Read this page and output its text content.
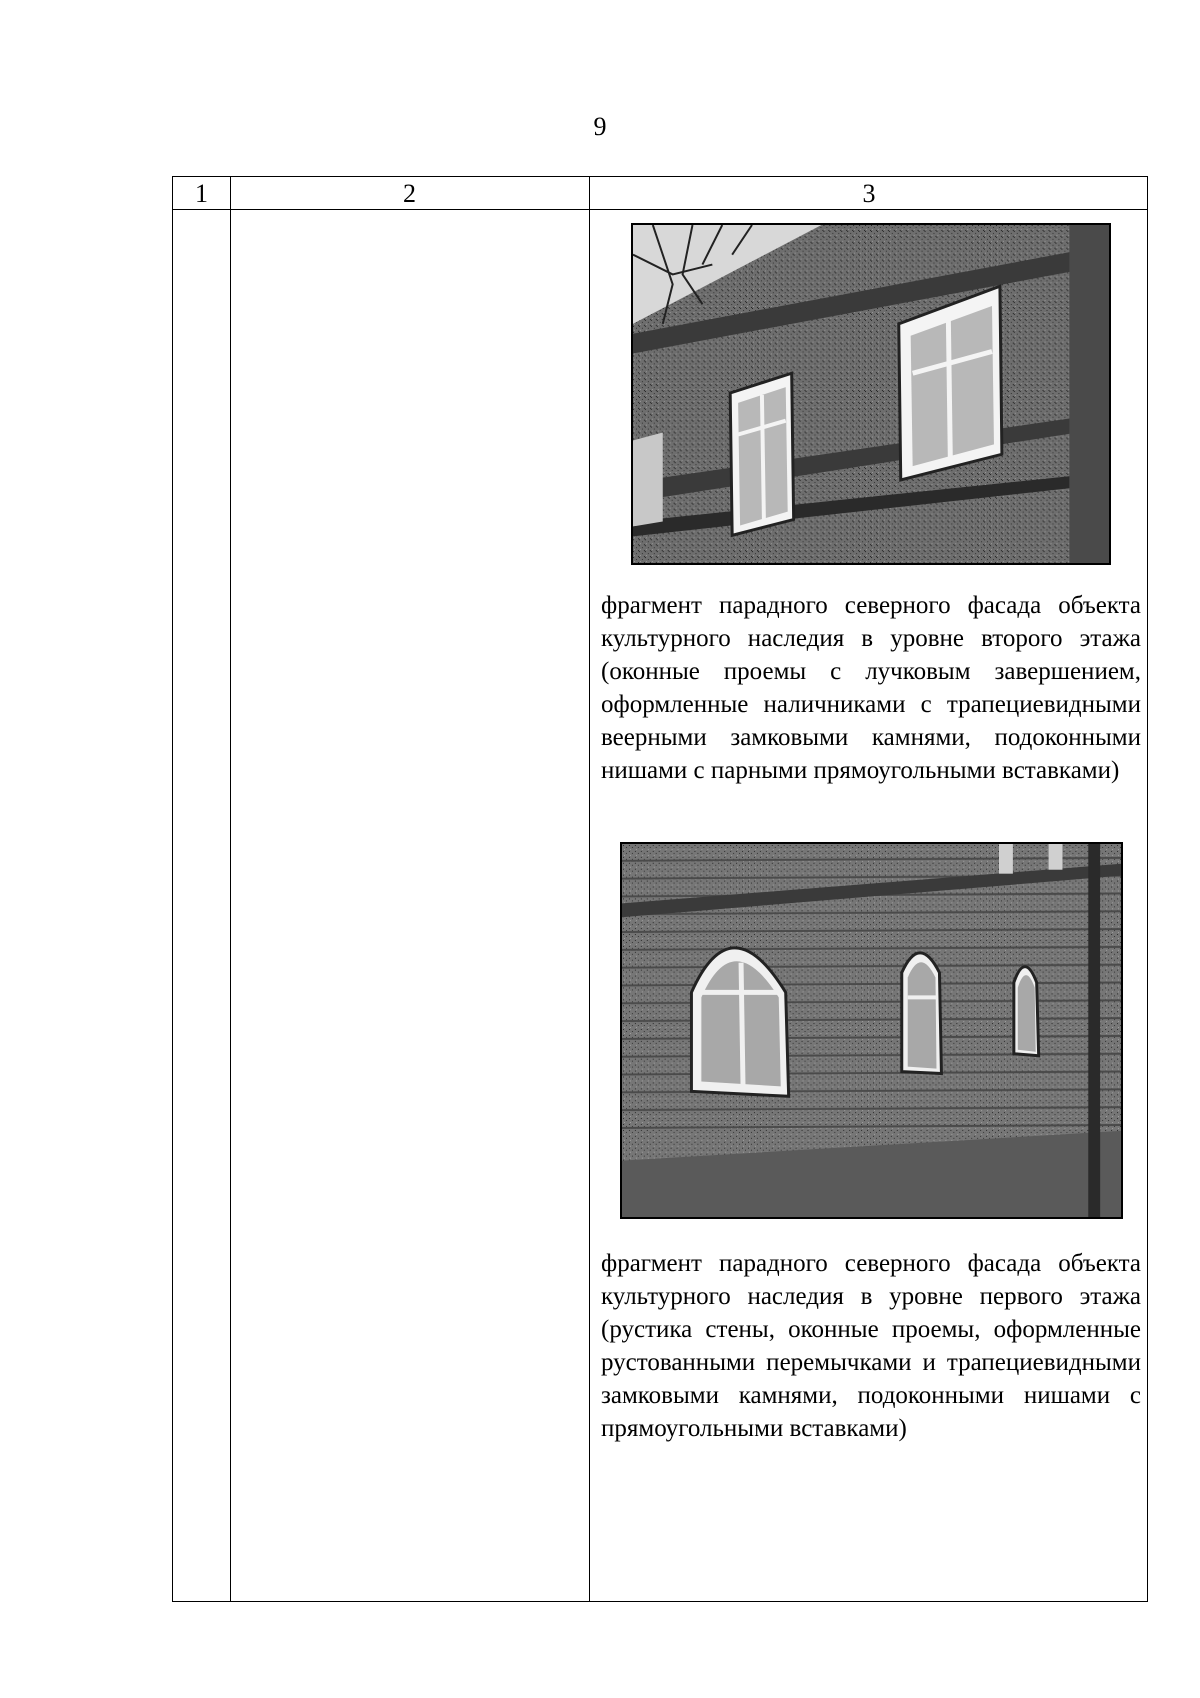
9
1	2	3
фрагмент парадного северного фасада объекта культурного наследия в уровне второго этажа (оконные проемы с лучковым завершением, оформленные наличниками с трапециевидными веерными замковыми камнями, подоконными нишами с парными прямоугольными вставками)
фрагмент парадного северного фасада объекта культурного наследия в уровне первого этажа (рустика стены, оконные проемы, оформленные рустованными перемычками и трапециевидными замковыми камнями, подоконными нишами с прямоугольными вставками)
